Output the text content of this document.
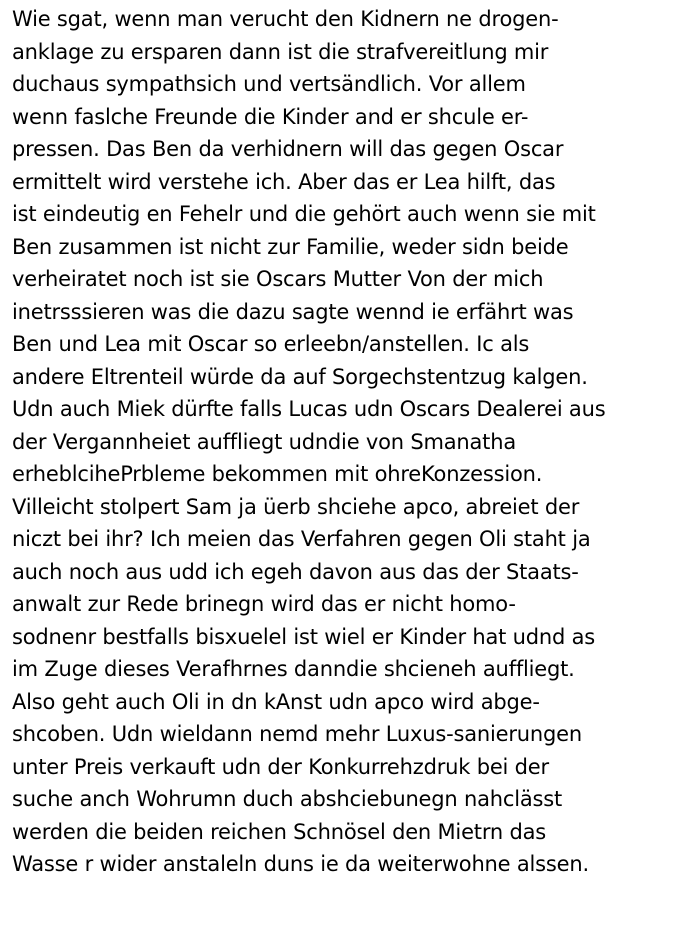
Wie sgat, wenn man verucht den Kidnern ne drogen-
anklage zu ersparen dann ist die strafvereitlung mir
duchaus sympathsich und vertsändlich. Vor allem
wenn faslche Freunde die Kinder and er shcule er-
pressen. Das Ben da verhidnern will das gegen Oscar
ermittelt wird verstehe ich. Aber das er Lea hilft, das
ist eindeutig en Fehelr und die gehört auch wenn sie mit
Ben zusammen ist nicht zur Familie, weder sidn beide
verheiratet noch ist sie Oscars Mutter Von der mich
inetrsssieren was die dazu sagte wennd ie erfährt was
Ben und Lea mit Oscar so erleebn/anstellen. Ic als
andere Eltrenteil würde da auf Sorgechstentzug kalgen.
Udn auch Miek dürfte falls Lucas udn Oscars Dealerei aus
der Vergannheiet auffliegt udndie von Smanatha
erheblcihePrbleme bekommen mit ohreKonzession.
Villeicht stolpert Sam ja üerb shciehe apco, abreiet der
niczt bei ihr? Ich meien das Verfahren gegen Oli staht ja
auch noch aus udd ich egeh davon aus das der Staats-
anwalt zur Rede brinegn wird das er nicht homo-
sodnenr bestfalls bisxuelel ist wiel er Kinder hat udnd as
im Zuge dieses Verafhrnes danndie shcieneh auffliegt.
Also geht auch Oli in dn kAnst udn apco wird abge-
shcoben. Udn wieldann nemd mehr Luxus-sanierungen
unter Preis verkauft udn der Konkurrehzdruk bei der
suche anch Wohrumn duch abshciebunegn nahclässt
werden die beiden reichen Schnösel den Mietrn das
Wasse r wider anstaleln duns ie da weiterwohne alssen.
